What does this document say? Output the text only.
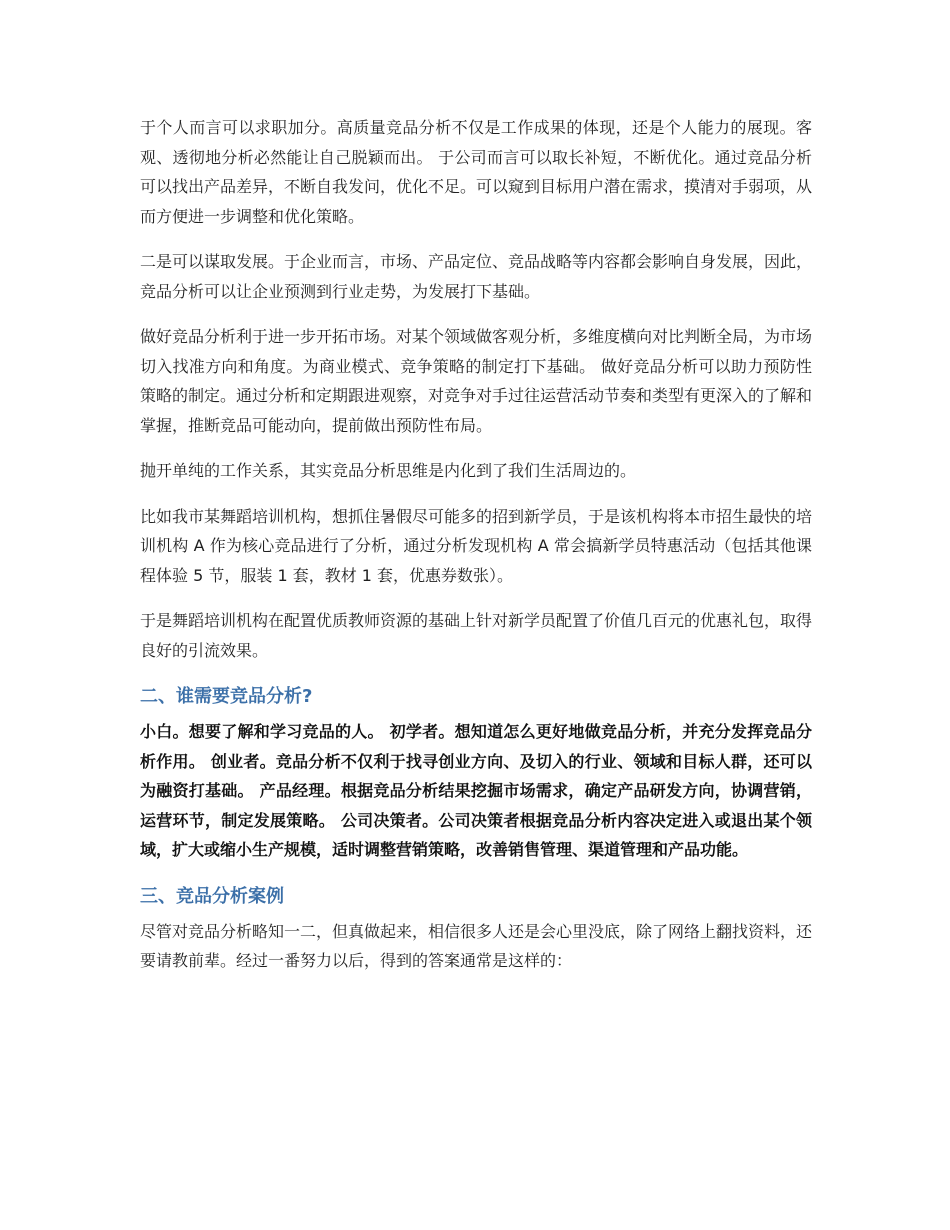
于个人而言可以求职加分。高质量竞品分析不仅是工作成果的体现，还是个人能力的展现。客观、透彻地分析必然能让自己脱颖而出。 于公司而言可以取长补短，不断优化。通过竞品分析可以找出产品差异，不断自我发问，优化不足。可以窥到目标用户潜在需求，摸清对手弱项，从而方便进一步调整和优化策略。

二是可以谋取发展。于企业而言，市场、产品定位、竞品战略等内容都会影响自身发展，因此，竞品分析可以让企业预测到行业走势，为发展打下基础。

做好竞品分析利于进一步开拓市场。对某个领域做客观分析，多维度横向对比判断全局，为市场切入找准方向和角度。为商业模式、竞争策略的制定打下基础。 做好竞品分析可以助力预防性策略的制定。通过分析和定期跟进观察，对竞争对手过往运营活动节奏和类型有更深入的了解和掌握，推断竞品可能动向，提前做出预防性布局。

抛开单纯的工作关系，其实竞品分析思维是内化到了我们生活周边的。

比如我市某舞蹈培训机构，想抓住暑假尽可能多的招到新学员，于是该机构将本市招生最快的培训机构 A 作为核心竞品进行了分析，通过分析发现机构 A 常会搞新学员特惠活动（包括其他课程体验 5 节，服装 1 套，教材 1 套，优惠券数张）。

于是舞蹈培训机构在配置优质教师资源的基础上针对新学员配置了价值几百元的优惠礼包，取得良好的引流效果。

二、谁需要竞品分析?

小白。想要了解和学习竞品的人。 初学者。想知道怎么更好地做竞品分析，并充分发挥竞品分析作用。 创业者。竞品分析不仅利于找寻创业方向、及切入的行业、领域和目标人群，还可以为融资打基础。 产品经理。根据竞品分析结果挖掘市场需求，确定产品研发方向，协调营销，运营环节，制定发展策略。 公司决策者。公司决策者根据竞品分析内容决定进入或退出某个领域，扩大或缩小生产规模，适时调整营销策略，改善销售管理、渠道管理和产品功能。

三、竞品分析案例

尽管对竞品分析略知一二，但真做起来，相信很多人还是会心里没底，除了网络上翻找资料，还要请教前辈。经过一番努力以后，得到的答案通常是这样的：
